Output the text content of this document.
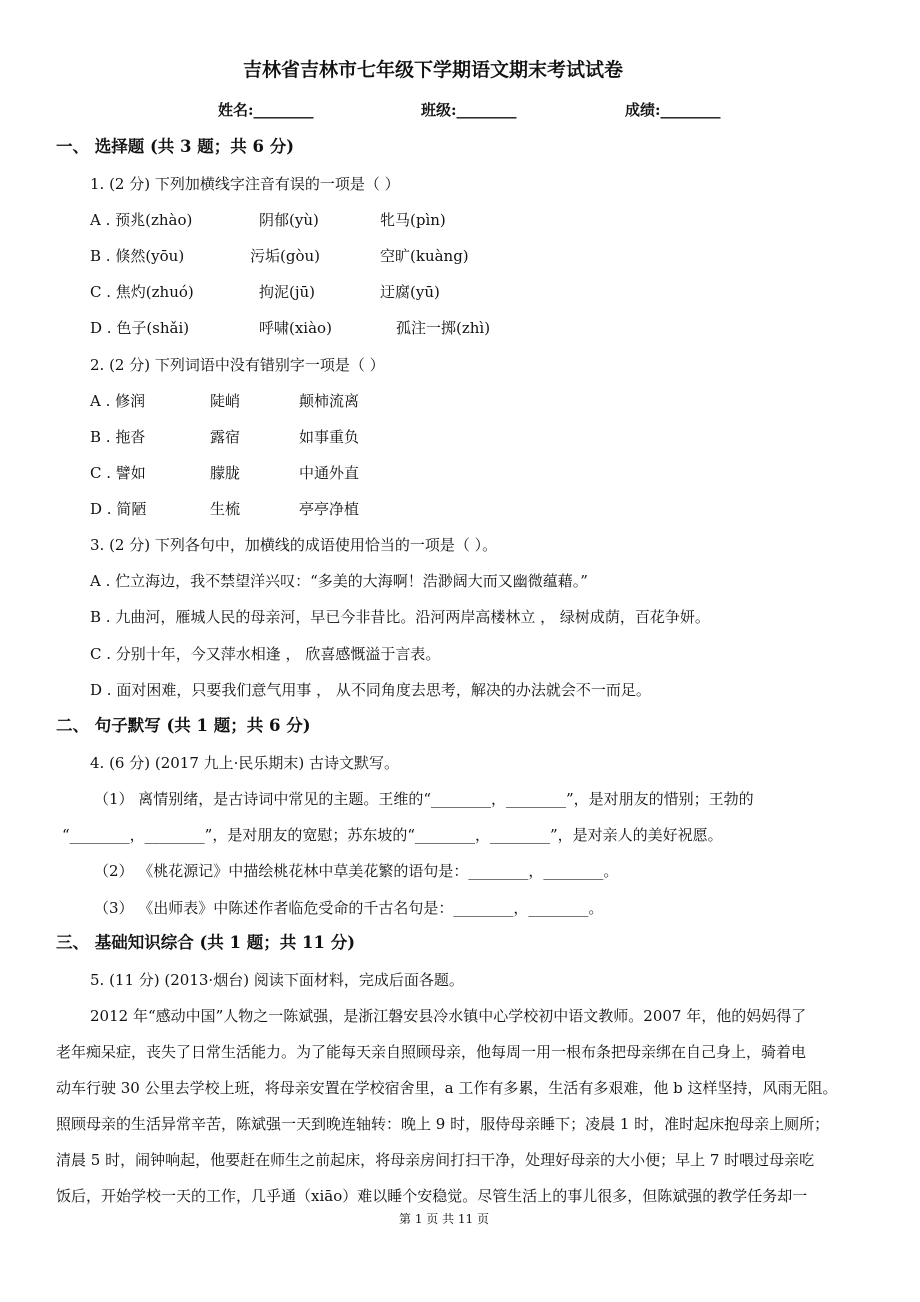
吉林省吉林市七年级下学期语文期末考试试卷
姓名:________	班级:________	成绩:________
一、 选择题 (共 3 题；共 6 分)
1. (2 分) 下列加横线字注音有误的一项是（ ）
A . 预兆(zhào)	阴郁(yù)	牝马(pìn)
B . 倏然(yōu)	污垢(gòu)	空旷(kuàng)
C . 焦灼(zhuó)	拘泥(jū)	迂腐(yū)
D . 色子(shǎi)	呼啸(xiào)	孤注一掷(zhì)
2. (2 分) 下列词语中没有错别字一项是（ ）
A . 修润	陡峭	颠柿流离
B . 拖沓	露宿	如事重负
C . 譬如	朦胧	中通外直
D . 简陋	生梳	亭亭净植
3. (2 分) 下列各句中，加横线的成语使用恰当的一项是（ ）。
A . 伫立海边，我不禁望洋兴叹：“多美的大海啊！浩渺阔大而又幽微蕴藉。”
B . 九曲河，雁城人民的母亲河，早已今非昔比。沿河两岸高楼林立 ， 绿树成荫，百花争妍。
C . 分别十年，今又萍水相逢 ， 欣喜感慨溢于言表。
D . 面对困难，只要我们意气用事 ， 从不同角度去思考，解决的办法就会不一而足。
二、 句子默写 (共 1 题；共 6 分)
4. (6 分) (2017 九上·民乐期末) 古诗文默写。
（1） 离情别绪，是古诗词中常见的主题。王维的“________，________”，是对朋友的惜别；王勃的
“________，________”，是对朋友的宽慰；苏东坡的“________，________”，是对亲人的美好祝愿。
（2） 《桃花源记》中描绘桃花林中草美花繁的语句是：________，________。
（3） 《出师表》中陈述作者临危受命的千古名句是：________，________。
三、 基础知识综合 (共 1 题；共 11 分)
5. (11 分) (2013·烟台) 阅读下面材料，完成后面各题。
2012 年“感动中国”人物之一陈斌强，是浙江磐安县冷水镇中心学校初中语文教师。2007 年，他的妈妈得了
老年痴呆症，丧失了日常生活能力。为了能每天亲自照顾母亲，他每周一用一根布条把母亲绑在自己身上，骑着电
动车行驶 30 公里去学校上班，将母亲安置在学校宿舍里，a 工作有多累，生活有多艰难，他 b 这样坚持，风雨无阻。
照顾母亲的生活异常辛苦，陈斌强一天到晚连轴转：晚上 9 时，服侍母亲睡下；凌晨 1 时，准时起床抱母亲上厕所；
清晨 5 时，闹钟响起，他要赶在师生之前起床，将母亲房间打扫干净，处理好母亲的大小便；早上 7 时喂过母亲吃
饭后，开始学校一天的工作，几乎通（xiāo）难以睡个安稳觉。尽管生活上的事儿很多，但陈斌强的教学任务却一
第 1 页 共 11 页
